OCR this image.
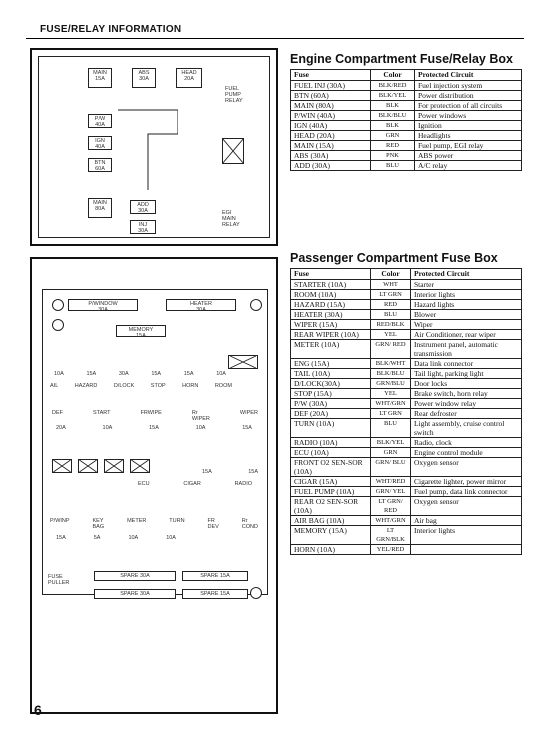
FUSE/RELAY INFORMATION
MAIN
15A
ABS
30A
HEAD
20A
FUEL
PUMP
RELAY
P/W
40A
IGN
40A
BTN
60A
MAIN
80A
ADD
30A
INJ
30A
EGI
MAIN
RELAY
P/WINDOW
30A
HEATER
30A
MEMORY
15A
10A	15A	30A	15A	15A	10A
AIL	HAZARD	D/LOCK	STOP	HORN	ROOM
DEF	START	FRWIPE	Rr
WIPER
WIPER
20A	10A	15A	10A	15A
15A	15A
ECU	CIGAR	RADIO
P/WINP	KEY
BAG
METER	TURN	FR
DEV
Rr
COND
15A	5A	10A	10A
FUSE
PULLER
SPARE 30A	SPARE 15A
SPARE 30A	SPARE 15A
Engine Compartment Fuse/Relay Box
Fuse	Color	Protected Circuit
FUEL INJ (30A)	BLK/RED	Fuel injection system
BTN (60A)	BLK/YEL	Power distribution
MAIN (80A)	BLK	For protection of all circuits
P/WIN (40A)	BLK/BLU	Power windows
IGN (40A)	BLK	Ignition
HEAD (20A)	GRN	Headlights
MAIN (15A)	RED	Fuel pump, EGI relay
ABS (30A)	PNK	ABS power
ADD (30A)	BLU	A/C relay
Passenger Compartment Fuse Box
Fuse	Color	Protected Circuit
STARTER (10A)	WHT	Starter
ROOM (10A)	LT GRN	Interior lights
HAZARD (15A)	RED	Hazard lights
HEATER (30A)	BLU	Blower
WIPER (15A)	RED/BLK	Wiper
REAR WIPER (10A)	YEL	Air Conditioner, rear wiper
METER (10A)	GRN/ RED	Instrument panel, automatic transmission
ENG (15A)	BLK/WHT	Data link connector
TAIL (10A)	BLK/BLU	Tail light, parking light
D/LOCK(30A)	GRN/BLU	Door locks
STOP (15A)	YEL	Brake switch, horn relay
P/W (30A)	WHT/GRN	Power window relay
DEF (20A)	LT GRN	Rear defroster
TURN (10A)	BLU	Light assembly, cruise control switch
RADIO (10A)	BLK/YEL	Radio, clock
ECU (10A)	GRN	Engine control module
FRONT O2 SEN-SOR (10A)	GRN/ BLU	Oxygen sensor
CIGAR (15A)	WHT/RED	Cigarette lighter, power mirror
FUEL PUMP (10A)	GRN/ YEL	Fuel pump, data link connector
REAR O2 SEN-SOR (10A)	LT GRN/ RED	Oxygen sensor
AIR BAG (10A)	WHT/GRN	Air bag
MEMORY (15A)	LT GRN/BLK	Interior lights
HORN (10A)	YEL/RED	
6
